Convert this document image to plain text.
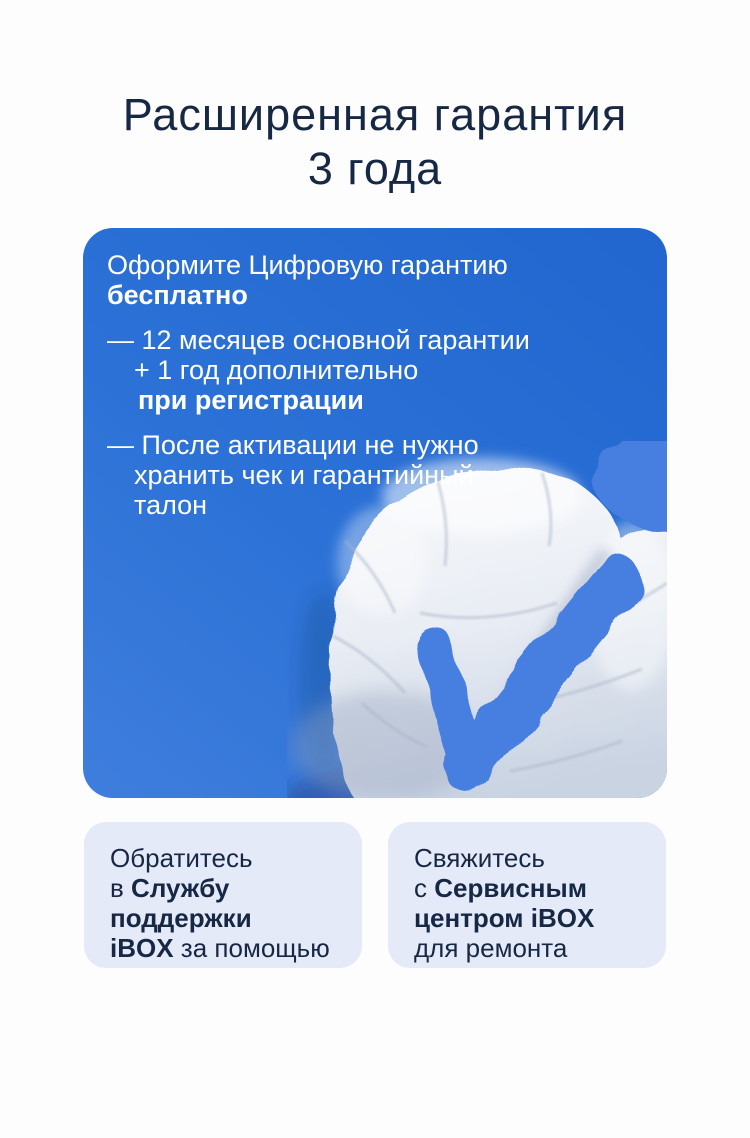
Расширенная гарантия
3 года

Оформите Цифровую гарантию
бесплатно

— 12 месяцев основной гарантии
+ 1 год дополнительно
при регистрации

— После активации не нужно
хранить чек и гарантийный
талон

Обратитесь
в Службу поддержки
iBOX за помощью
Свяжитесь
с Сервисным
центром iBOX
для ремонта
